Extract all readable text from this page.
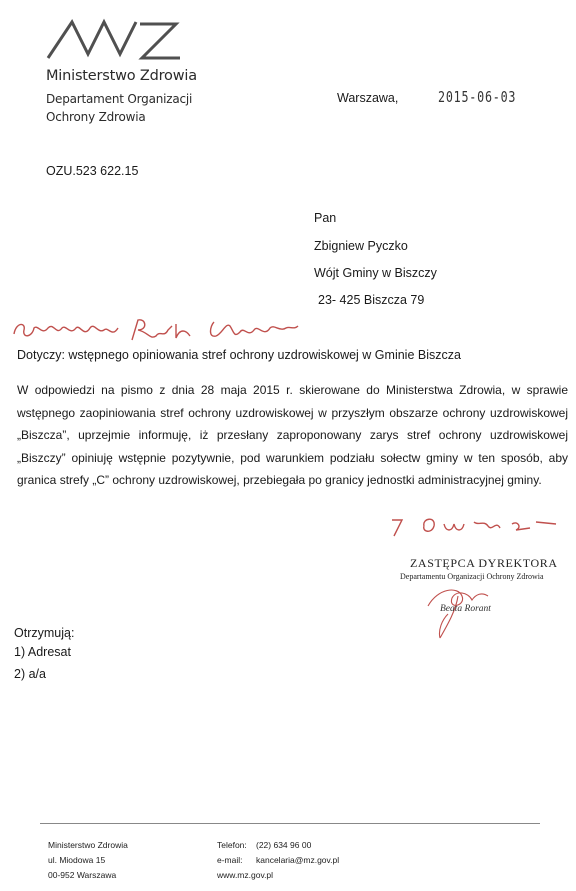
Ministerstwo Zdrowia
Departament Organizacji
Ochrony Zdrowia
Warszawa,	2015-06-03
OZU.523 622.15
Pan
Zbigniew Pyczko
Wójt Gminy w Biszczy
23- 425 Biszcza 79
Dotyczy: wstępnego opiniowania stref ochrony uzdrowiskowej w Gminie Biszcza
W odpowiedzi na pismo z dnia 28 maja 2015 r. skierowane do Ministerstwa Zdrowia, w sprawie wstępnego zaopiniowania stref ochrony uzdrowiskowej w przyszłym obszarze ochrony uzdrowiskowej „Biszcza”, uprzejmie informuję, iż przesłany zaproponowany zarys stref ochrony uzdrowiskowej „Biszczy” opiniuję wstępnie pozytywnie, pod warunkiem podziału sołectw gminy w ten sposób, aby granica strefy „C” ochrony uzdrowiskowej, przebiegała po granicy jednostki administracyjnej gminy.
ZASTĘPCA DYREKTORA
Departamentu Organizacji Ochrony Zdrowia
Beata Rorant
Otrzymują:
1) Adresat
2) a/a
Ministerstwo Zdrowia
ul. Miodowa 15
00-952 Warszawa
Telefon: (22) 634 96 00
e-mail: kancelaria@mz.gov.pl
www.mz.gov.pl
